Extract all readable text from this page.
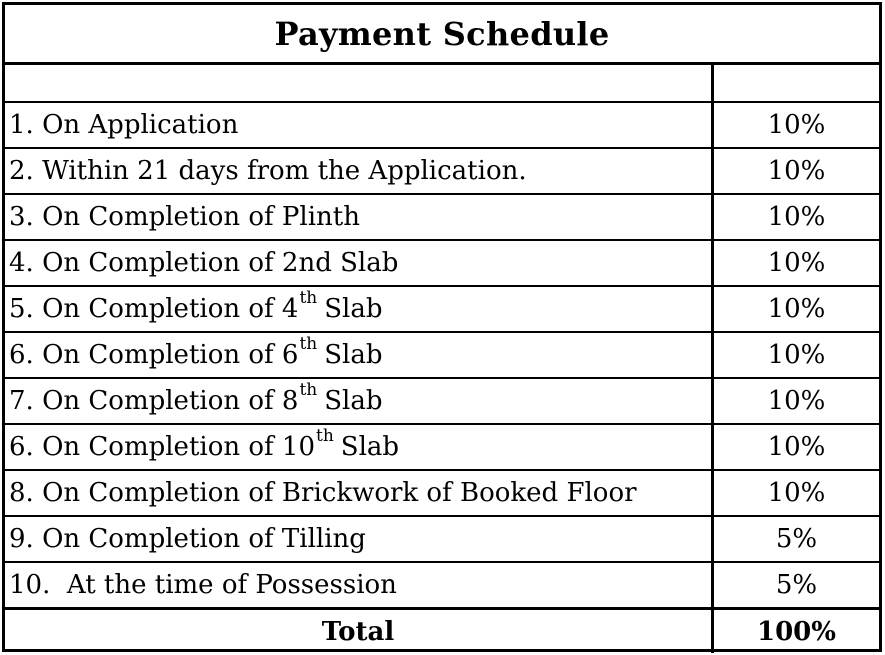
Payment Schedule
1. On Application	10%
2. Within 21 days from the Application.	10%
3. On Completion of Plinth	10%
4. On Completion of 2nd Slab	10%
5. On Completion of 4 th Slab	10%
6. On Completion of 6 th Slab	10%
7. On Completion of 8 th Slab	10%
6. On Completion of 10 th Slab	10%
8. On Completion of Brickwork of Booked Floor	10%
9. On Completion of Tilling	5%
10.  At the time of Possession	5%
Total	100%
